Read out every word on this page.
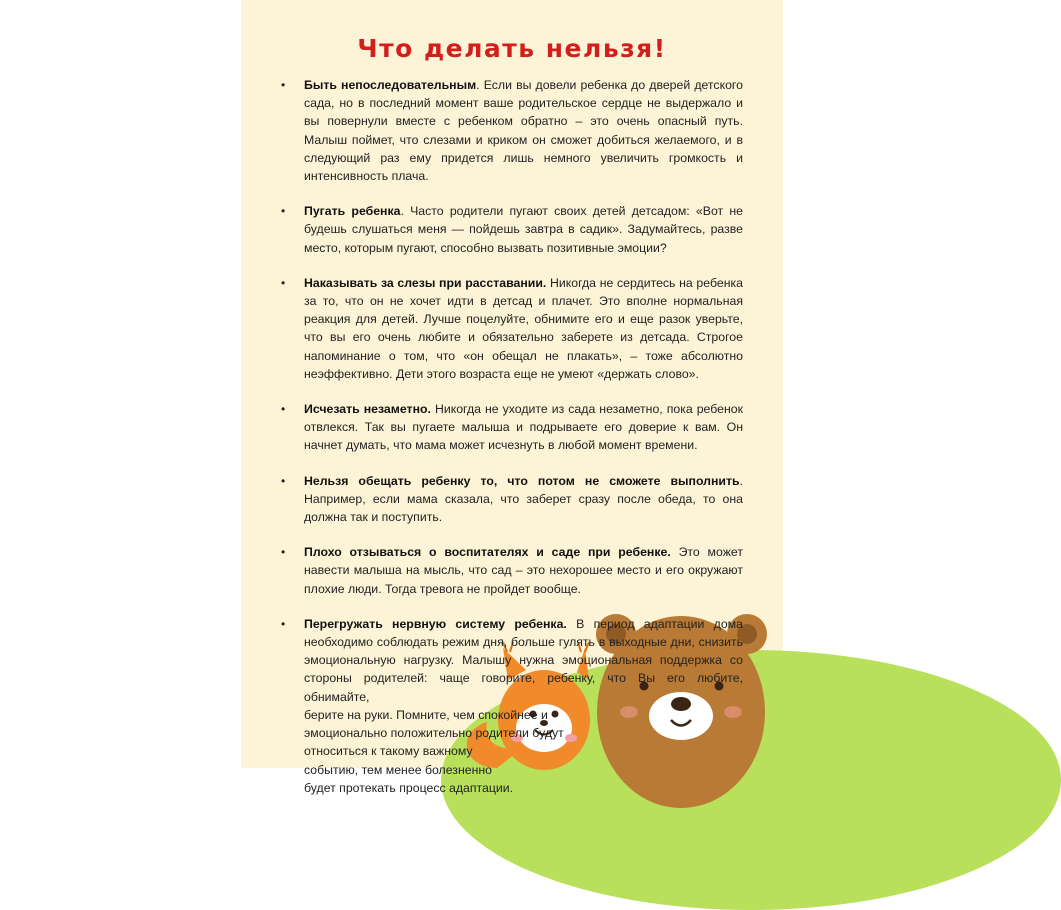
Что делать нельзя!
• Быть непоследовательным. Если вы довели ребенка до дверей детского сада, но в последний момент ваше родительское сердце не выдержало и вы повернули вместе с ребенком обратно – это очень опасный путь. Малыш поймет, что слезами и криком он сможет добиться желаемого, и в следующий раз ему придется лишь немного увеличить громкость и интенсивность плача.

• Пугать ребенка. Часто родители пугают своих детей детсадом: «Вот не будешь слушаться меня — пойдешь завтра в садик». Задумайтесь, разве место, которым пугают, способно вызвать позитивные эмоции?

• Наказывать за слезы при расставании. Никогда не сердитесь на ребенка за то, что он не хочет идти в детсад и плачет. Это вполне нормальная реакция для детей. Лучше поцелуйте, обнимите его и еще разок уверьте, что вы его очень любите и обязательно заберете из детсада. Строгое напоминание о том, что «он обещал не плакать», – тоже абсолютно неэффективно. Дети этого возраста еще не умеют «держать слово».

• Исчезать незаметно. Никогда не уходите из сада незаметно, пока ребенок отвлекся. Так вы пугаете малыша и подрываете его доверие к вам. Он начнет думать, что мама может исчезнуть в любой момент времени.

• Нельзя обещать ребенку то, что потом не сможете выполнить. Например, если мама сказала, что заберет сразу после обеда, то она должна так и поступить.

• Плохо отзываться о воспитателях и саде при ребенке. Это может навести малыша на мысль, что сад – это нехорошее место и его окружают плохие люди. Тогда тревога не пройдет вообще.

• Перегружать нервную систему ребенка. В период адаптации дома необходимо соблюдать режим дня, больше гулять в выходные дни, снизить эмоциональную нагрузку. Малышу нужна эмоциональная поддержка со стороны родителей: чаще говорите, ребенку, что Вы его любите, обнимайте,

берите на руки. Помните, чем спокойнее и
эмоционально положительно родители будут
относиться к такому важному
событию, тем менее болезненно
будет протекать процесс адаптации.
